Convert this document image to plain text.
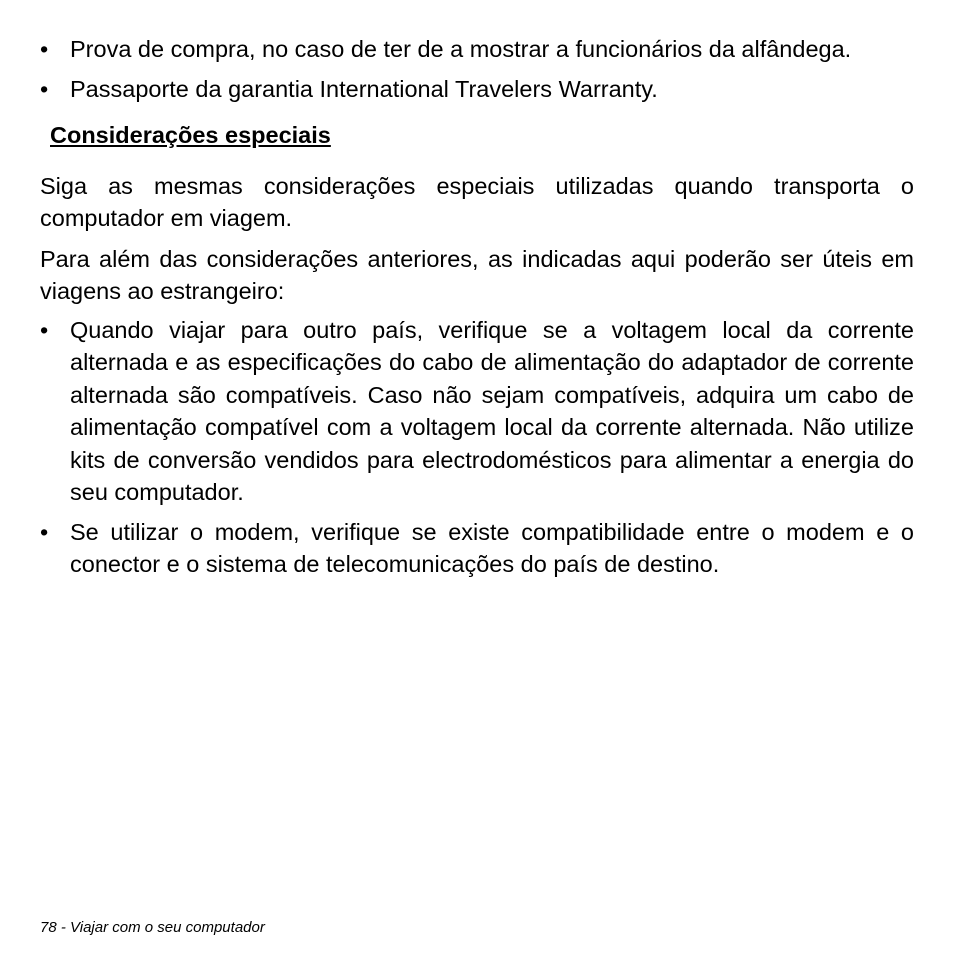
• Prova de compra, no caso de ter de a mostrar a funcionários da alfândega.
• Passaporte da garantia International Travelers Warranty.
Considerações especiais

Siga as mesmas considerações especiais utilizadas quando transporta o computador em viagem.

Para além das considerações anteriores, as indicadas aqui poderão ser úteis em viagens ao estrangeiro:

• Quando viajar para outro país, verifique se a voltagem local da corrente alternada e as especificações do cabo de alimentação do adaptador de corrente alternada são compatíveis. Caso não sejam compatíveis, adquira um cabo de alimentação compatível com a voltagem local da corrente alternada. Não utilize kits de conversão vendidos para electrodomésticos para alimentar a energia do seu computador.
• Se utilizar o modem, verifique se existe compatibilidade entre o modem e o conector e o sistema de telecomunicações do país de destino.
78 - Viajar com o seu computador
